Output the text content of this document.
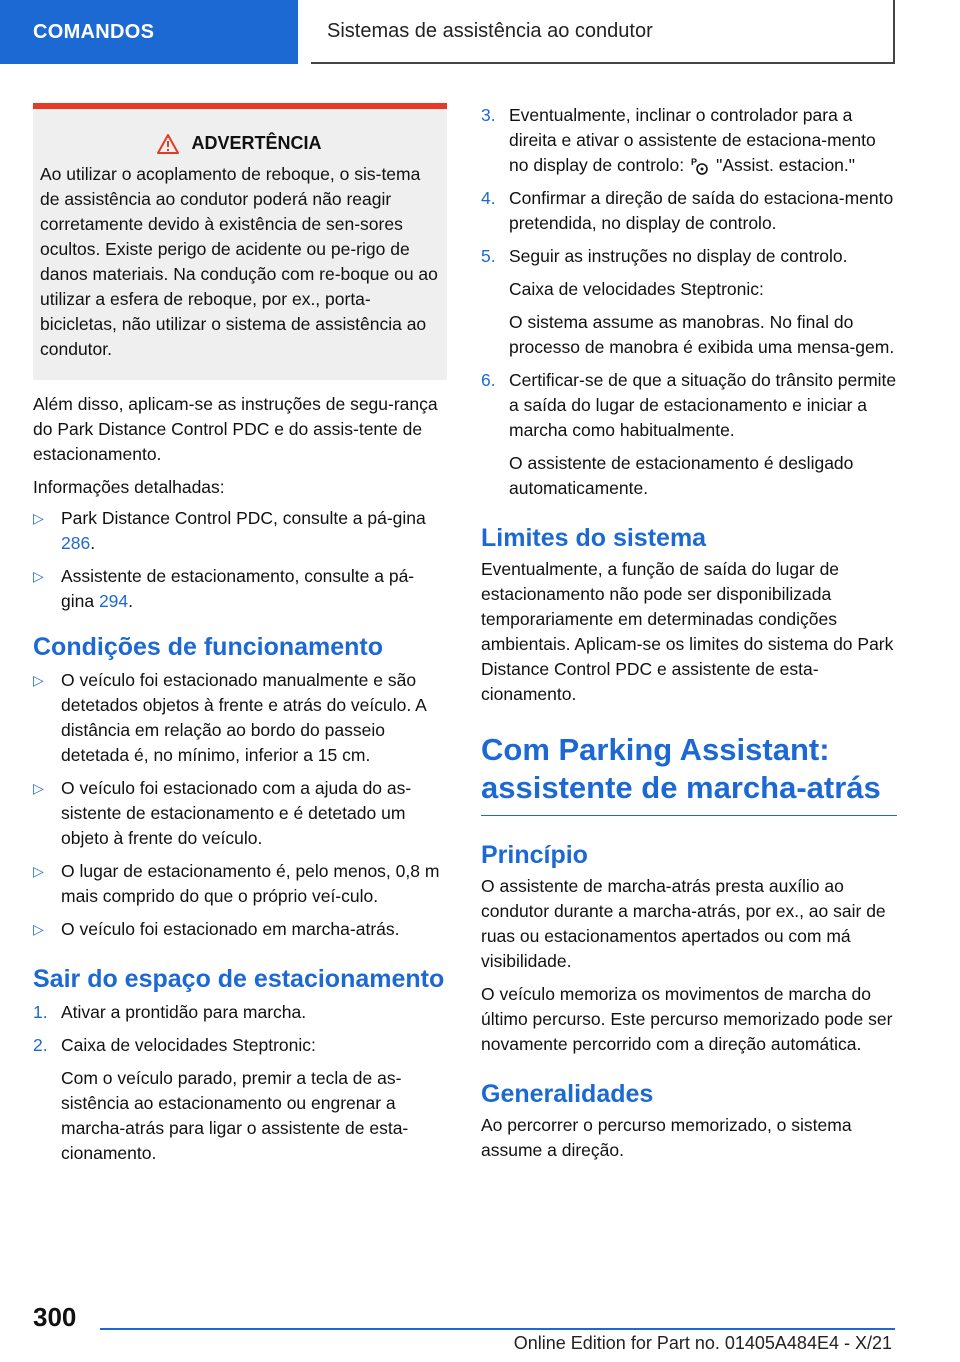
COMANDOS	Sistemas de assistência ao condutor
ADVERTÊNCIA

Ao utilizar o acoplamento de reboque, o sis-tema de assistência ao condutor poderá não reagir corretamente devido à existência de sen-sores ocultos. Existe perigo de acidente ou pe-rigo de danos materiais. Na condução com re-boque ou ao utilizar a esfera de reboque, por ex., porta-bicicletas, não utilizar o sistema de assistência ao condutor.

Além disso, aplicam-se as instruções de segu-rança do Park Distance Control PDC e do assis-tente de estacionamento.

Informações detalhadas:

▷ Park Distance Control PDC, consulte a pá-gina 286.
▷ Assistente de estacionamento, consulte a pá-gina 294.
Condições de funcionamento
▷ O veículo foi estacionado manualmente e são detetados objetos à frente e atrás do veículo. A distância em relação ao bordo do passeio detetada é, no mínimo, inferior a 15 cm.
▷ O veículo foi estacionado com a ajuda do as-sistente de estacionamento e é detetado um objeto à frente do veículo.
▷ O lugar de estacionamento é, pelo menos, 0,8 m mais comprido do que o próprio veí-culo.
▷ O veículo foi estacionado em marcha-atrás.
Sair do espaço de estacionamento
1. Ativar a prontidão para marcha.
2. Caixa de velocidades Steptronic:
Com o veículo parado, premir a tecla de as-sistência ao estacionamento ou engrenar a marcha-atrás para ligar o assistente de esta-cionamento.
3. Eventualmente, inclinar o controlador para a direita e ativar o assistente de estaciona-mento no display de controlo: P "Assist. estacion."
4. Confirmar a direção de saída do estaciona-mento pretendida, no display de controlo.
5. Seguir as instruções no display de controlo.
Caixa de velocidades Steptronic:
O sistema assume as manobras. No final do processo de manobra é exibida uma mensa-gem.
6. Certificar-se de que a situação do trânsito permite a saída do lugar de estacionamento e iniciar a marcha como habitualmente.
O assistente de estacionamento é desligado automaticamente.
Limites do sistema

Eventualmente, a função de saída do lugar de estacionamento não pode ser disponibilizada temporariamente em determinadas condições ambientais. Aplicam-se os limites do sistema do Park Distance Control PDC e assistente de esta-cionamento.

Com Parking Assistant: assistente de marcha-atrás
Princípio

O assistente de marcha-atrás presta auxílio ao condutor durante a marcha-atrás, por ex., ao sair de ruas ou estacionamentos apertados ou com má visibilidade.

O veículo memoriza os movimentos de marcha do último percurso. Este percurso memorizado pode ser novamente percorrido com a direção automática.

Generalidades

Ao percorrer o percurso memorizado, o sistema assume a direção.

300
Online Edition for Part no. 01405A484E4 - X/21
